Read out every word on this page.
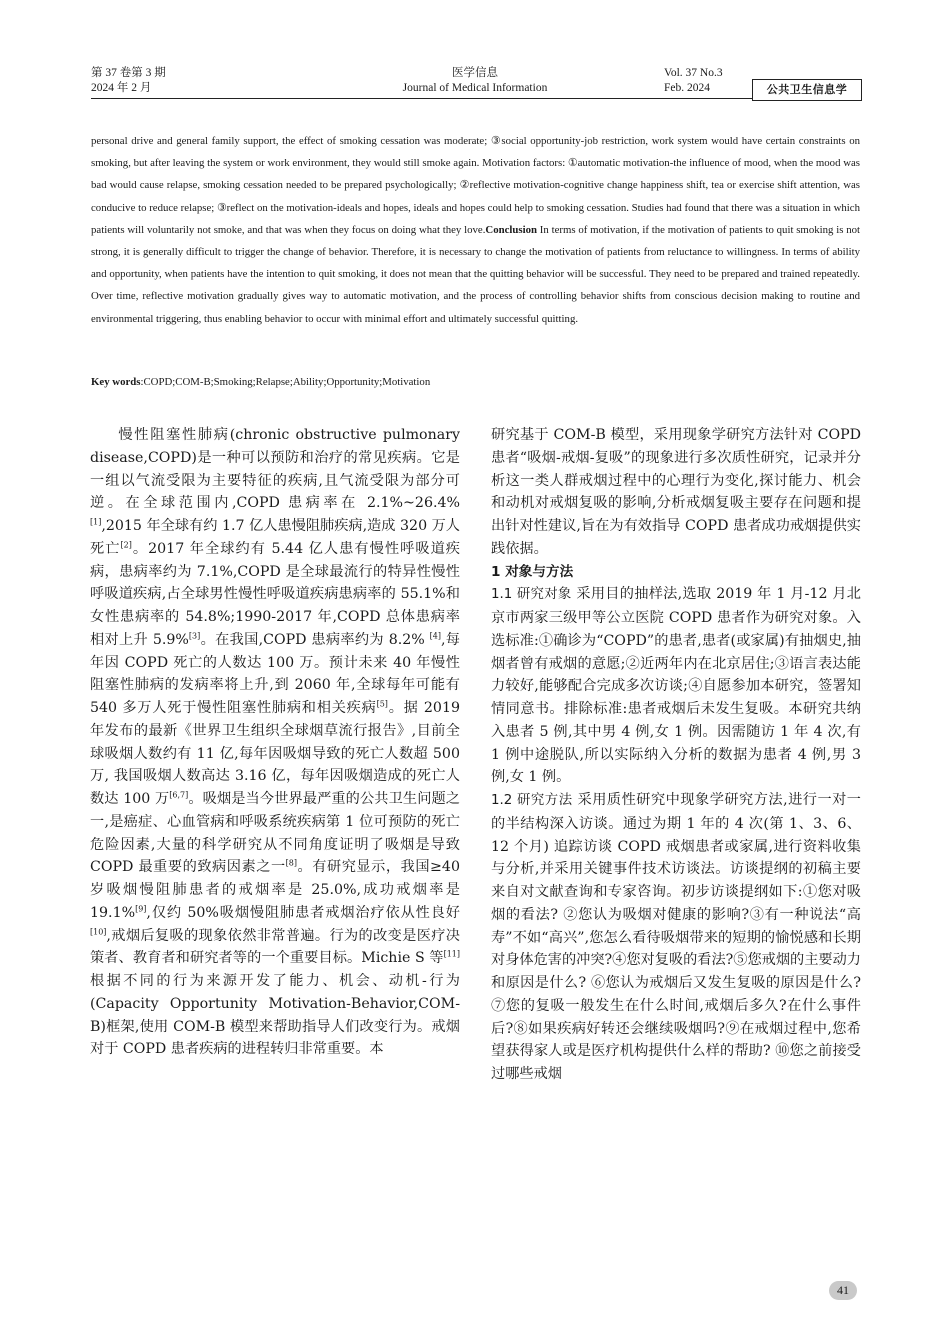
第 37 卷第 3 期
2024 年 2 月
医学信息
Journal of Medical Information
Vol. 37 No.3
Feb. 2024	公共卫生信息学

personal drive and general family support, the effect of smoking cessation was moderate; ③social opportunity-job restriction, work system would have certain constraints on smoking, but after leaving the system or work environment, they would still smoke again. Motivation factors: ①automatic motivation-the influence of mood, when the mood was bad would cause relapse, smoking cessation needed to be prepared psychologically; ②reflective motivation-cognitive change happiness shift, tea or exercise shift attention, was conducive to reduce relapse; ③reflect on the motivation-ideals and hopes, ideals and hopes could help to smoking cessation. Studies had found that there was a situation in which patients will voluntarily not smoke, and that was when they focus on doing what they love.Conclusion In terms of motivation, if the motivation of patients to quit smoking is not strong, it is generally difficult to trigger the change of behavior. Therefore, it is necessary to change the motivation of patients from reluctance to willingness. In terms of ability and opportunity, when patients have the intention to quit smoking, it does not mean that the quitting behavior will be successful. They need to be prepared and trained repeatedly. Over time, reflective motivation gradually gives way to automatic motivation, and the process of controlling behavior shifts from conscious decision making to routine and environmental triggering, thus enabling behavior to occur with minimal effort and ultimately successful quitting.

Key words:COPD;COM-B;Smoking;Relapse;Ability;Opportunity;Motivation

慢性阻塞性肺病(chronic obstructive pulmonary disease,COPD)是一种可以预防和治疗的常见疾病。它是一组以气流受限为主要特征的疾病,且气流受限为部分可逆。在全球范围内,COPD 患病率在 2.1%~26.4%[1],2015 年全球有约 1.7 亿人患慢阻肺疾病,造成 320 万人死亡[2]。2017 年全球约有 5.44 亿人患有慢性呼吸道疾病，患病率约为 7.1%,COPD 是全球最流行的特异性慢性呼吸道疾病,占全球男性慢性呼吸道疾病患病率的 55.1%和女性患病率的 54.8%;1990-2017 年,COPD 总体患病率相对上升 5.9%[3]。在我国,COPD 患病率约为 8.2% [4],每年因 COPD 死亡的人数达 100 万。预计未来 40 年慢性阻塞性肺病的发病率将上升,到 2060 年,全球每年可能有 540 多万人死于慢性阻塞性肺病和相关疾病[5]。据 2019 年发布的最新《世界卫生组织全球烟草流行报告》,目前全球吸烟人数约有 11 亿,每年因吸烟导致的死亡人数超 500 万, 我国吸烟人数高达 3.16 亿，每年因吸烟造成的死亡人数达 100 万[6,7]。吸烟是当今世界最严重的公共卫生问题之一,是癌症、心血管病和呼吸系统疾病第 1 位可预防的死亡危险因素,大量的科学研究从不同角度证明了吸烟是导致 COPD 最重要的致病因素之一[8]。有研究显示，我国≥40 岁吸烟慢阻肺患者的戒烟率是 25.0%,成功戒烟率是 19.1%[9],仅约 50%吸烟慢阻肺患者戒烟治疗依从性良好[10],戒烟后复吸的现象依然非常普遍。行为的改变是医疗决策者、教育者和研究者等的一个重要目标。Michie S 等[11]根据不同的行为来源开发了能力、机会、动机-行为(Capacity Opportunity Motivation-Behavior,COM-B)框架,使用 COM-B 模型来帮助指导人们改变行为。戒烟对于 COPD 患者疾病的进程转归非常重要。本

研究基于 COM-B 模型，采用现象学研究方法针对 COPD 患者“吸烟-戒烟-复吸”的现象进行多次质性研究，记录并分析这一类人群戒烟过程中的心理行为变化,探讨能力、机会和动机对戒烟复吸的影响,分析戒烟复吸主要存在问题和提出针对性建议,旨在为有效指导 COPD 患者成功戒烟提供实践依据。

1 对象与方法

1.1 研究对象 采用目的抽样法,选取 2019 年 1 月-12 月北京市两家三级甲等公立医院 COPD 患者作为研究对象。入选标准:①确诊为“COPD”的患者,患者(或家属)有抽烟史,抽烟者曾有戒烟的意愿;②近两年内在北京居住;③语言表达能力较好,能够配合完成多次访谈;④自愿参加本研究，签署知情同意书。排除标准:患者戒烟后未发生复吸。本研究共纳入患者 5 例,其中男 4 例,女 1 例。因需随访 1 年 4 次,有 1 例中途脱队,所以实际纳入分析的数据为患者 4 例,男 3 例,女 1 例。

1.2 研究方法 采用质性研究中现象学研究方法,进行一对一的半结构深入访谈。通过为期 1 年的 4 次(第 1、3、6、12 个月) 追踪访谈 COPD 戒烟患者或家属,进行资料收集与分析,并采用关键事件技术访谈法。访谈提纲的初稿主要来自对文献查询和专家咨询。初步访谈提纲如下:①您对吸烟的看法? ②您认为吸烟对健康的影响?③有一种说法“高寿”不如“高兴”,您怎么看待吸烟带来的短期的愉悦感和长期对身体危害的冲突?④您对复吸的看法?⑤您戒烟的主要动力和原因是什么? ⑥您认为戒烟后又发生复吸的原因是什么?⑦您的复吸一般发生在什么时间,戒烟后多久?在什么事件后?⑧如果疾病好转还会继续吸烟吗?⑨在戒烟过程中,您希望获得家人或是医疗机构提供什么样的帮助? ⑩您之前接受过哪些戒烟

41
